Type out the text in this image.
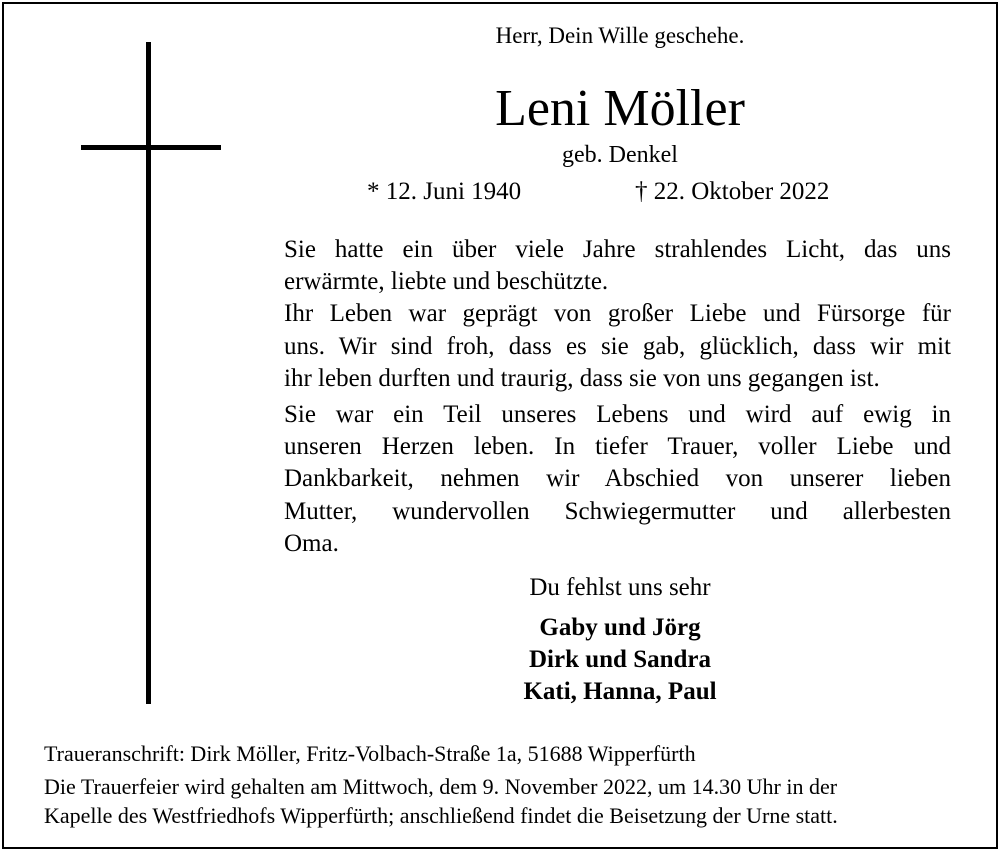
Herr, Dein Wille geschehe.
Leni Möller
geb. Denkel
* 12. Juni 1940	† 22. Oktober 2022

Sie hatte ein über viele Jahre strahlendes Licht, das uns

erwärmte, liebte und beschützte.

Ihr Leben war geprägt von großer Liebe und Fürsorge für

uns. Wir sind froh, dass es sie gab, glücklich, dass wir mit

ihr leben durften und traurig, dass sie von uns gegangen ist.

Sie war ein Teil unseres Lebens und wird auf ewig in

unseren Herzen leben. In tiefer Trauer, voller Liebe und

Dankbarkeit, nehmen wir Abschied von unserer lieben

Mutter, wundervollen Schwiegermutter und allerbesten

Oma.

Du fehlst uns sehr
Gaby und Jörg
Dirk und Sandra
Kati, Hanna, Paul
Traueranschrift: Dirk Möller, Fritz-Volbach-Straße 1a, 51688 Wipperfürth
Die Trauerfeier wird gehalten am Mittwoch, dem 9. November 2022, um 14.30 Uhr in der
Kapelle des Westfriedhofs Wipperfürth; anschließend findet die Beisetzung der Urne statt.
